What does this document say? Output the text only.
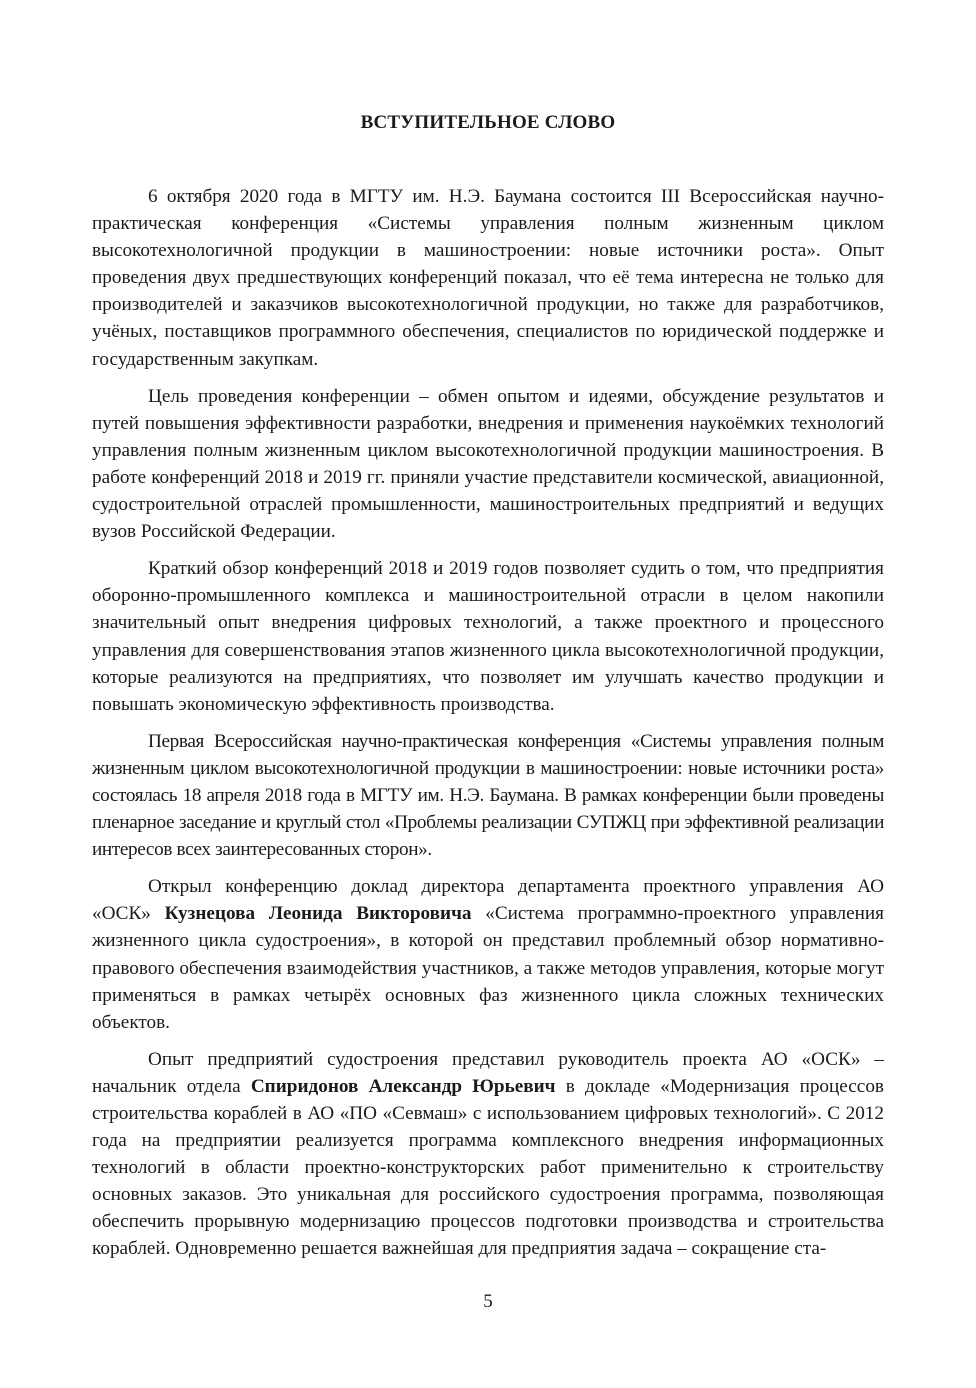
ВСТУПИТЕЛЬНОЕ СЛОВО

6 октября 2020 года в МГТУ им. Н.Э. Баумана состоится III Всероссийская научно-практическая конференция «Системы управления полным жизненным циклом высокотехнологичной продукции в машиностроении: новые источники роста». Опыт проведения двух предшествующих конференций показал, что её тема интересна не только для производителей и заказчиков высокотехнологичной продукции, но также для разработчиков, учёных, поставщиков программного обеспечения, специалистов по юридической поддержке и государственным закупкам.

Цель проведения конференции – обмен опытом и идеями, обсуждение результатов и путей повышения эффективности разработки, внедрения и применения наукоёмких технологий управления полным жизненным циклом высокотехнологичной продукции машиностроения. В работе конференций 2018 и 2019 гг. приняли участие представители космической, авиационной, судостроительной отраслей промышленности, машиностроительных предприятий и ведущих вузов Российской Федерации.

Краткий обзор конференций 2018 и 2019 годов позволяет судить о том, что предприятия оборонно-промышленного комплекса и машиностроительной отрасли в целом накопили значительный опыт внедрения цифровых технологий, а также проектного и процессного управления для совершенствования этапов жизненного цикла высокотехнологичной продукции, которые реализуются на предприятиях, что позволяет им улучшать качество продукции и повышать экономическую эффективность производства.

Первая Всероссийская научно-практическая конференция «Системы управления полным жизненным циклом высокотехнологичной продукции в машиностроении: новые источники роста» состоялась 18 апреля 2018 года в МГТУ им. Н.Э. Баумана. В рамках конференции были проведены пленарное заседание и круглый стол «Проблемы реализации СУПЖЦ при эффективной реализации интересов всех заинтересованных сторон».

Открыл конференцию доклад директора департамента проектного управления АО «ОСК» Кузнецова Леонида Викторовича «Система программно-проектного управления жизненного цикла судостроения», в которой он представил проблемный обзор нормативно-правового обеспечения взаимодействия участников, а также методов управления, которые могут применяться в рамках четырёх основных фаз жизненного цикла сложных технических объектов.

Опыт предприятий судостроения представил руководитель проекта АО «ОСК» – начальник отдела Спиридонов Александр Юрьевич в докладе «Модернизация процессов строительства кораблей в АО «ПО «Севмаш» с использованием цифровых технологий». С 2012 года на предприятии реализуется программа комплексного внедрения информационных технологий в области проектно-конструкторских работ применительно к строительству основных заказов. Это уникальная для российского судостроения программа, позволяющая обеспечить прорывную модернизацию процессов подготовки производства и строительства кораблей. Одновременно решается важнейшая для предприятия задача – сокращение ста-

5
